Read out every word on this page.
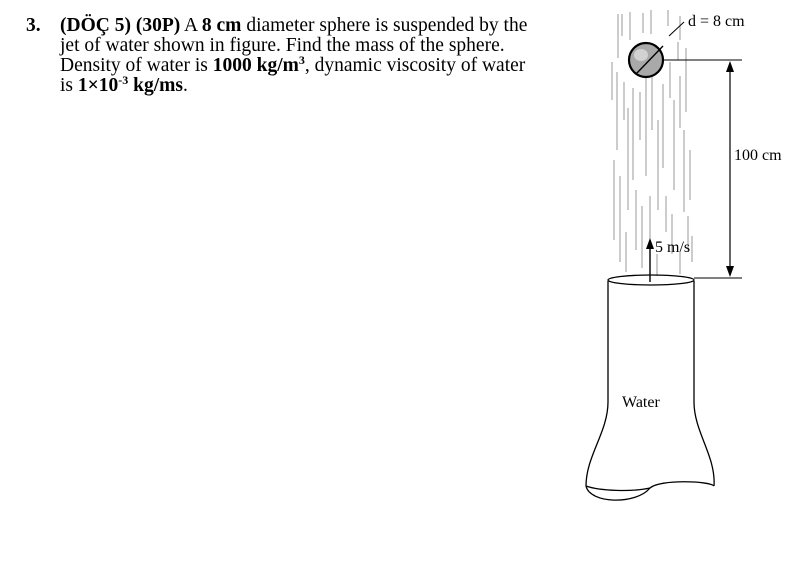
3. (DÖÇ 5) (30P) A 8 cm diameter sphere is suspended by the
jet of water shown in figure. Find the mass of the sphere.
Density of water is 1000 $kg/m^3$, dynamic viscosity of water
is $1\times 10^{-3}$ kg/ms.
d = 8 cm
100 cm
5 m/s
Water
